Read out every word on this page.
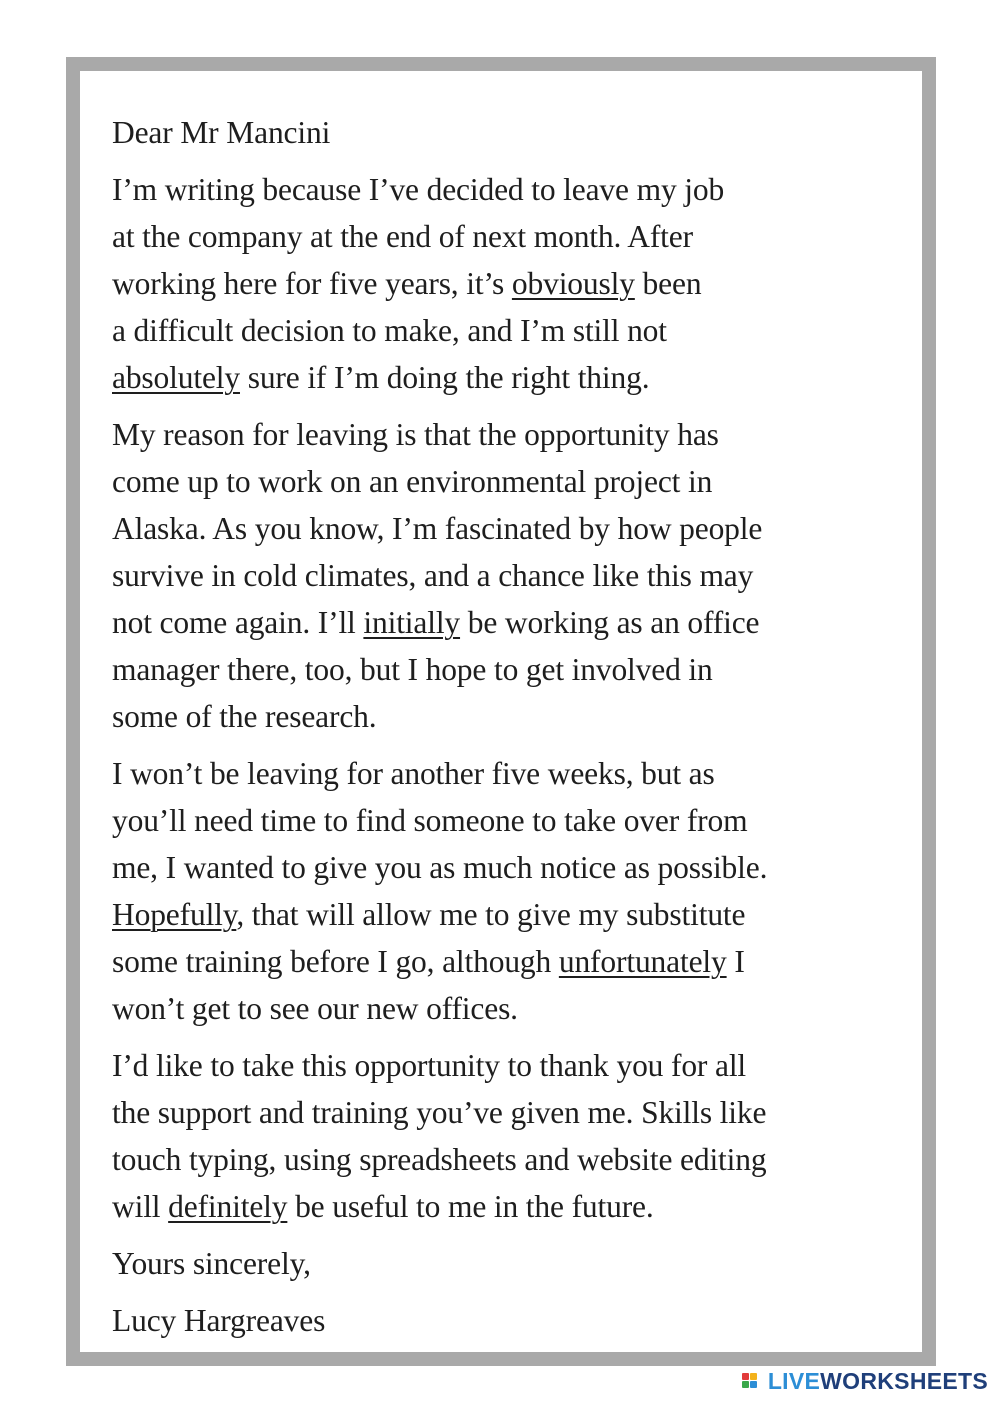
Dear Mr Mancini
I’m writing because I’ve decided to leave my job
at the company at the end of next month. After
working here for five years, it’s obviously been
a difficult decision to make, and I’m still not
absolutely sure if I’m doing the right thing.
My reason for leaving is that the opportunity has
come up to work on an environmental project in
Alaska. As you know, I’m fascinated by how people
survive in cold climates, and a chance like this may
not come again. I’ll initially be working as an office
manager there, too, but I hope to get involved in
some of the research.
I won’t be leaving for another five weeks, but as
you’ll need time to find someone to take over from
me, I wanted to give you as much notice as possible.
Hopefully, that will allow me to give my substitute
some training before I go, although unfortunately I
won’t get to see our new offices.
I’d like to take this opportunity to thank you for all
the support and training you’ve given me. Skills like
touch typing, using spreadsheets and website editing
will definitely be useful to me in the future.
Yours sincerely,
Lucy Hargreaves
LIVEWORKSHEETS
